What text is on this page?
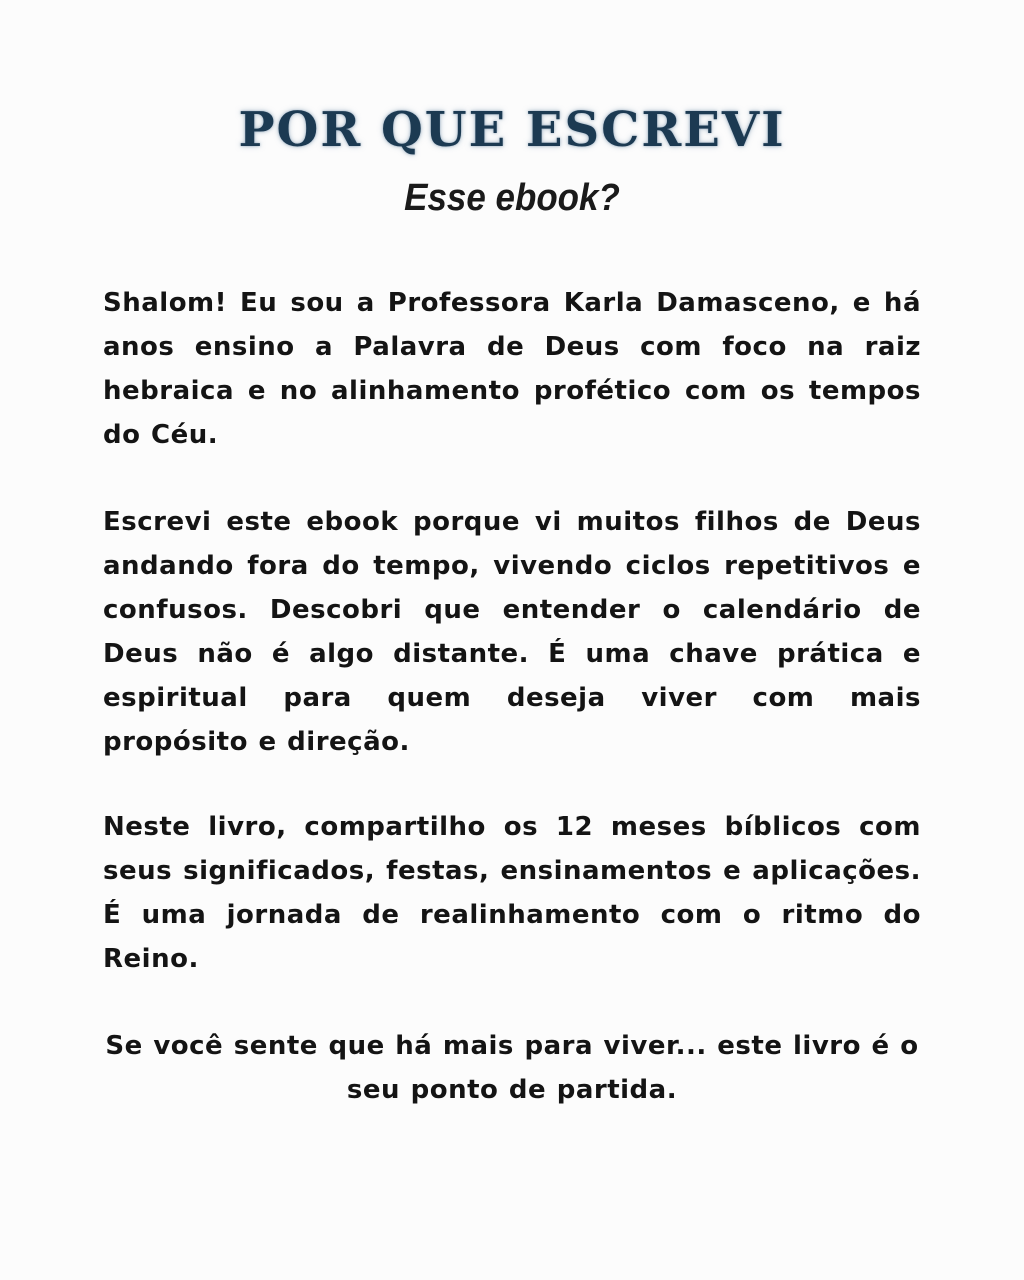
POR QUE ESCREVI
Esse ebook?

Shalom! Eu sou a Professora Karla Damasceno, e há anos ensino a Palavra de Deus com foco na raiz hebraica e no alinhamento profético com os tempos do Céu.

Escrevi este ebook porque vi muitos filhos de Deus andando fora do tempo, vivendo ciclos repetitivos e confusos. Descobri que entender o calendário de Deus não é algo distante. É uma chave prática e espiritual para quem deseja viver com mais propósito e direção.

Neste livro, compartilho os 12 meses bíblicos com seus significados, festas, ensinamentos e aplicações. É uma jornada de realinhamento com o ritmo do Reino.

Se você sente que há mais para viver... este livro é o seu ponto de partida.
